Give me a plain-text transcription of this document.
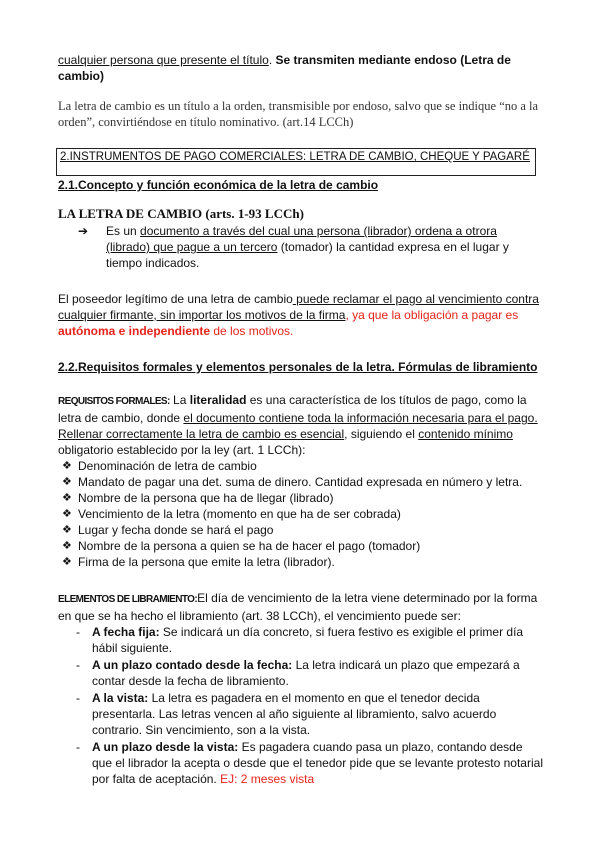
cualquier persona que presente el título. Se transmiten mediante endoso (Letra de cambio)

La letra de cambio es un título a la orden, transmisible por endoso, salvo que se indique “no a la orden”, convirtiéndose en título nominativo. (art.14 LCCh)

2.INSTRUMENTOS DE PAGO COMERCIALES: LETRA DE CAMBIO, CHEQUE Y PAGARÉ

2.1.Concepto y función económica de la letra de cambio

LA LETRA DE CAMBIO (arts. 1-93 LCCh)

➔ Es un documento a través del cual una persona (librador) ordena a otrora (librado) que pague a un tercero (tomador) la cantidad expresa en el lugar y tiempo indicados.

El poseedor legítimo de una letra de cambio puede reclamar el pago al vencimiento contra cualquier firmante, sin importar los motivos de la firma, ya que la obligación a pagar es autónoma e independiente de los motivos.

2.2.Requisitos formales y elementos personales de la letra. Fórmulas de libramiento

REQUISITOS FORMALES: La literalidad es una característica de los títulos de pago, como la letra de cambio, donde el documento contiene toda la información necesaria para el pago. Rellenar correctamente la letra de cambio es esencial, siguiendo el contenido mínimo obligatorio establecido por la ley (art. 1 LCCh):

❖ Denominación de letra de cambio
❖ Mandato de pagar una det. suma de dinero. Cantidad expresada en número y letra.
❖ Nombre de la persona que ha de llegar (librado)
❖ Vencimiento de la letra (momento en que ha de ser cobrada)
❖ Lugar y fecha donde se hará el pago
❖ Nombre de la persona a quien se ha de hacer el pago (tomador)
❖ Firma de la persona que emite la letra (librador).

ELEMENTOS DE LIBRAMIENTO:El día de vencimiento de la letra viene determinado por la forma en que se ha hecho el libramiento (art. 38 LCCh), el vencimiento puede ser:

- A fecha fija: Se indicará un día concreto, si fuera festivo es exigible el primer día hábil siguiente.
- A un plazo contado desde la fecha: La letra indicará un plazo que empezará a contar desde la fecha de libramiento.
- A la vista: La letra es pagadera en el momento en que el tenedor decida presentarla. Las letras vencen al año siguiente al libramiento, salvo acuerdo contrario. Sin vencimiento, son a la vista.
- A un plazo desde la vista: Es pagadera cuando pasa un plazo, contando desde que el librador la acepta o desde que el tenedor pide que se levante protesto notarial por falta de aceptación. EJ: 2 meses vista
